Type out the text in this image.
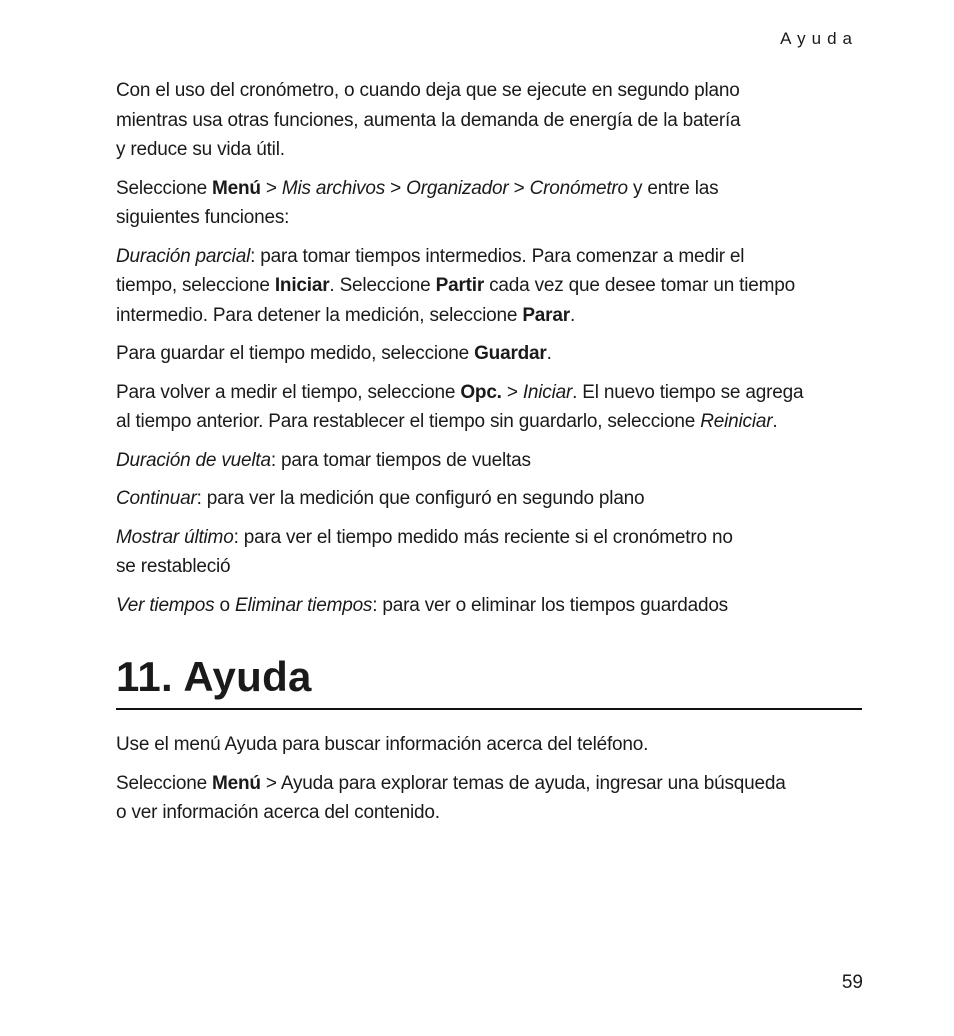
Ayuda

Con el uso del cronómetro, o cuando deja que se ejecute en segundo plano
mientras usa otras funciones, aumenta la demanda de energía de la batería
y reduce su vida útil.

Seleccione Menú > Mis archivos > Organizador > Cronómetro y entre las
siguientes funciones:

Duración parcial: para tomar tiempos intermedios. Para comenzar a medir el
tiempo, seleccione Iniciar. Seleccione Partir cada vez que desee tomar un tiempo
intermedio. Para detener la medición, seleccione Parar.

Para guardar el tiempo medido, seleccione Guardar.

Para volver a medir el tiempo, seleccione Opc. > Iniciar. El nuevo tiempo se agrega
al tiempo anterior. Para restablecer el tiempo sin guardarlo, seleccione Reiniciar.

Duración de vuelta: para tomar tiempos de vueltas

Continuar: para ver la medición que configuró en segundo plano

Mostrar último: para ver el tiempo medido más reciente si el cronómetro no
se restableció

Ver tiempos o Eliminar tiempos: para ver o eliminar los tiempos guardados

11. Ayuda

Use el menú Ayuda para buscar información acerca del teléfono.

Seleccione Menú > Ayuda para explorar temas de ayuda, ingresar una búsqueda
o ver información acerca del contenido.

59
